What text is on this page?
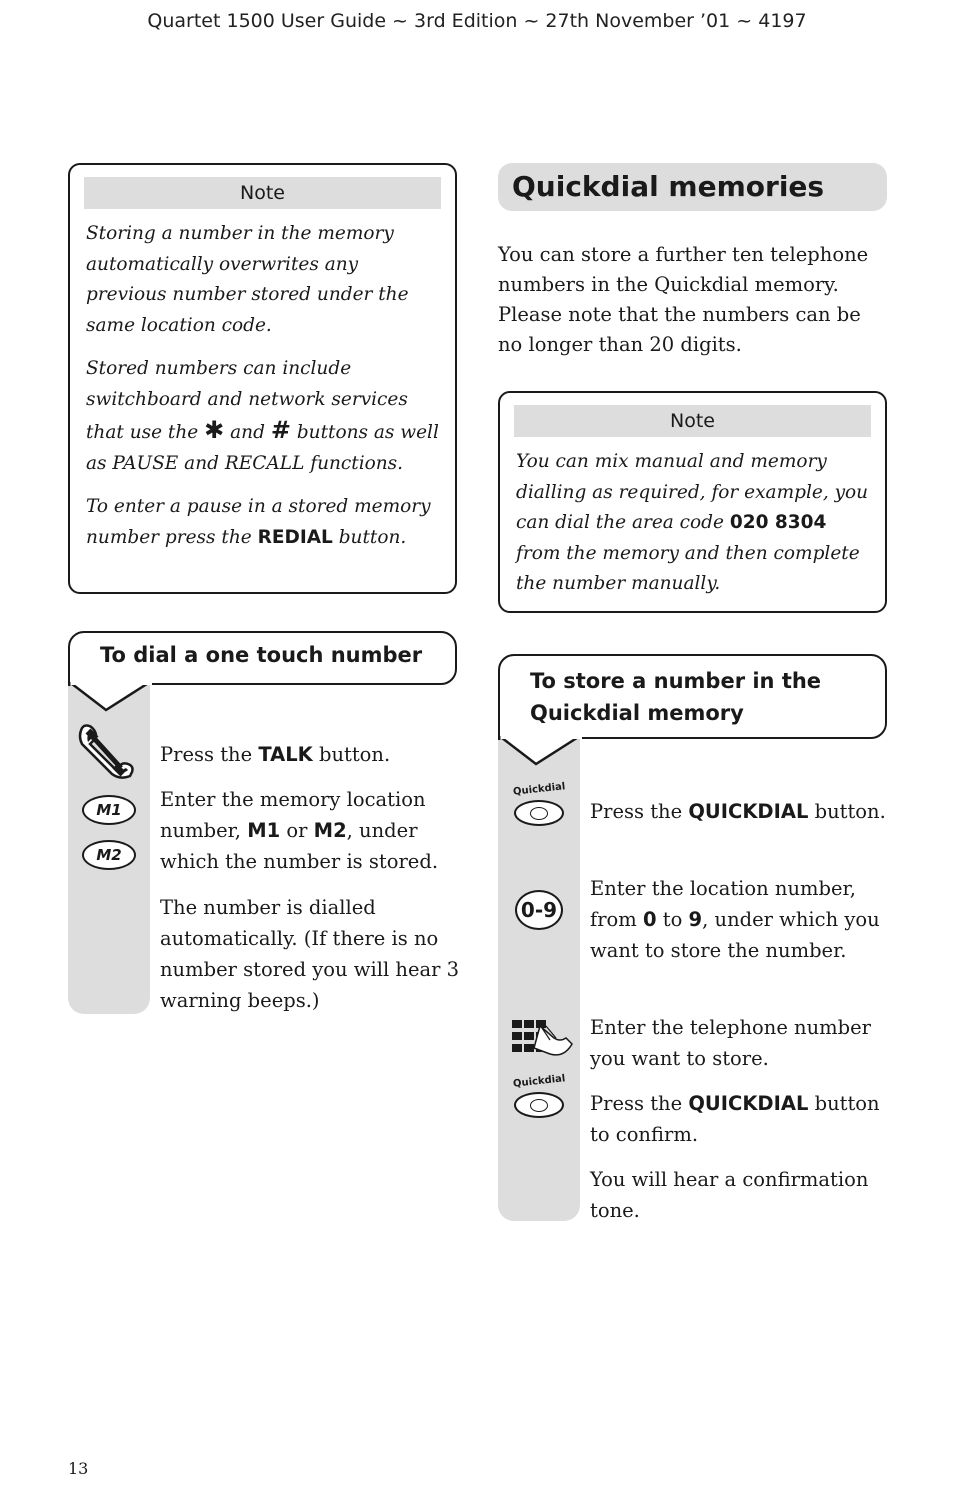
Quartet 1500 User Guide ~ 3rd Edition ~ 27th November ’01 ~ 4197
Note

Storing a number in the memory automatically overwrites any previous number stored under the same location code.

Stored numbers can include switchboard and network services that use the ✱ and # buttons as well as PAUSE and RECALL functions.

To enter a pause in a stored memory number press the REDIAL button.

Quickdial memories

You can store a further ten telephone numbers in the Quickdial memory. Please note that the numbers can be no longer than 20 digits.

Note

You can mix manual and memory dialling as required, for example, you can dial the area code 020 8304 from the memory and then complete the number manually.

To dial a one touch number
M1
M2

Press the TALK button.

Enter the memory location number, M1 or M2, under which the number is stored.

The number is dialled automatically. (If there is no number stored you will hear 3 warning beeps.)

To store a number in the
Quickdial memory
Quickdial
0-9
Quickdial

Press the QUICKDIAL button.

Enter the location number, from 0 to 9, under which you want to store the number.

Enter the telephone number you want to store.

Press the QUICKDIAL button to confirm.

You will hear a confirmation tone.

13
